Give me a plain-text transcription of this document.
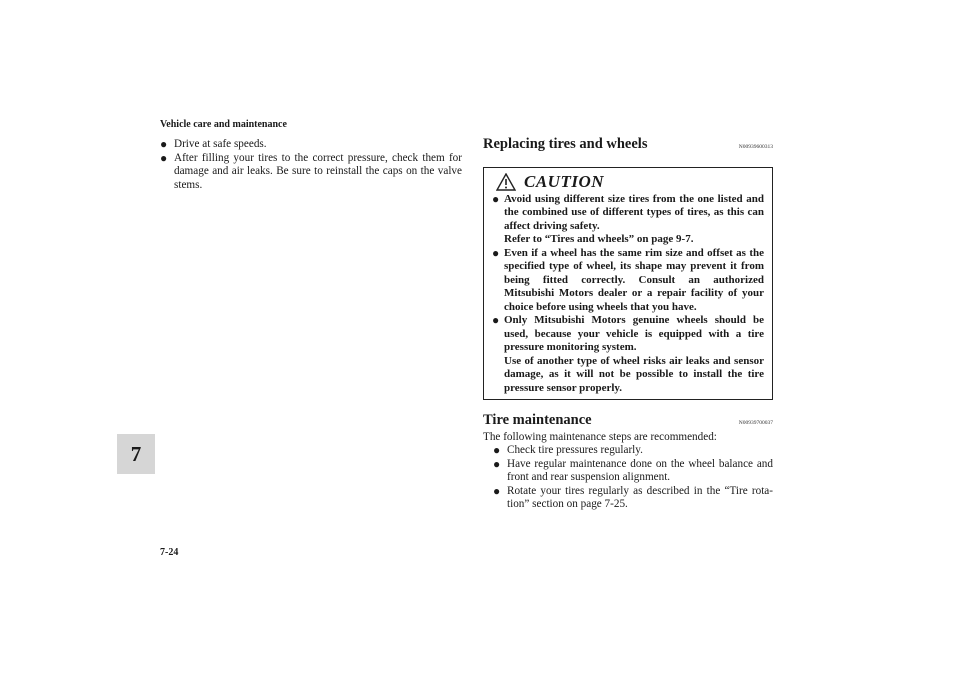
Vehicle care and maintenance
7
7-24
● Drive at safe speeds.
● After filling your tires to the correct pressure, check them for damage and air leaks. Be sure to reinstall the caps on the valve stems.
Replacing tires and wheels	N00939600313
CAUTION
● Avoid using different size tires from the one listed and the combined use of different types of tires, as this can affect driving safety.
Refer to “Tires and wheels” on page 9-7.
● Even if a wheel has the same rim size and offset as the specified type of wheel, its shape may prevent it from being fitted correctly. Consult an authorized Mitsubishi Motors dealer or a repair facility of your choice before using wheels that you have.
● Only Mitsubishi Motors genuine wheels should be used, because your vehicle is equipped with a tire pressure monitoring system.
Use of another type of wheel risks air leaks and sensor damage, as it will not be possible to install the tire pressure sensor properly.
Tire maintenance	N00939700037

The following maintenance steps are recommended:

● Check tire pressures regularly.
● Have regular maintenance done on the wheel balance and front and rear suspension alignment.
● Rotate your tires regularly as described in the “Tire rota-tion” section on page 7-25.
